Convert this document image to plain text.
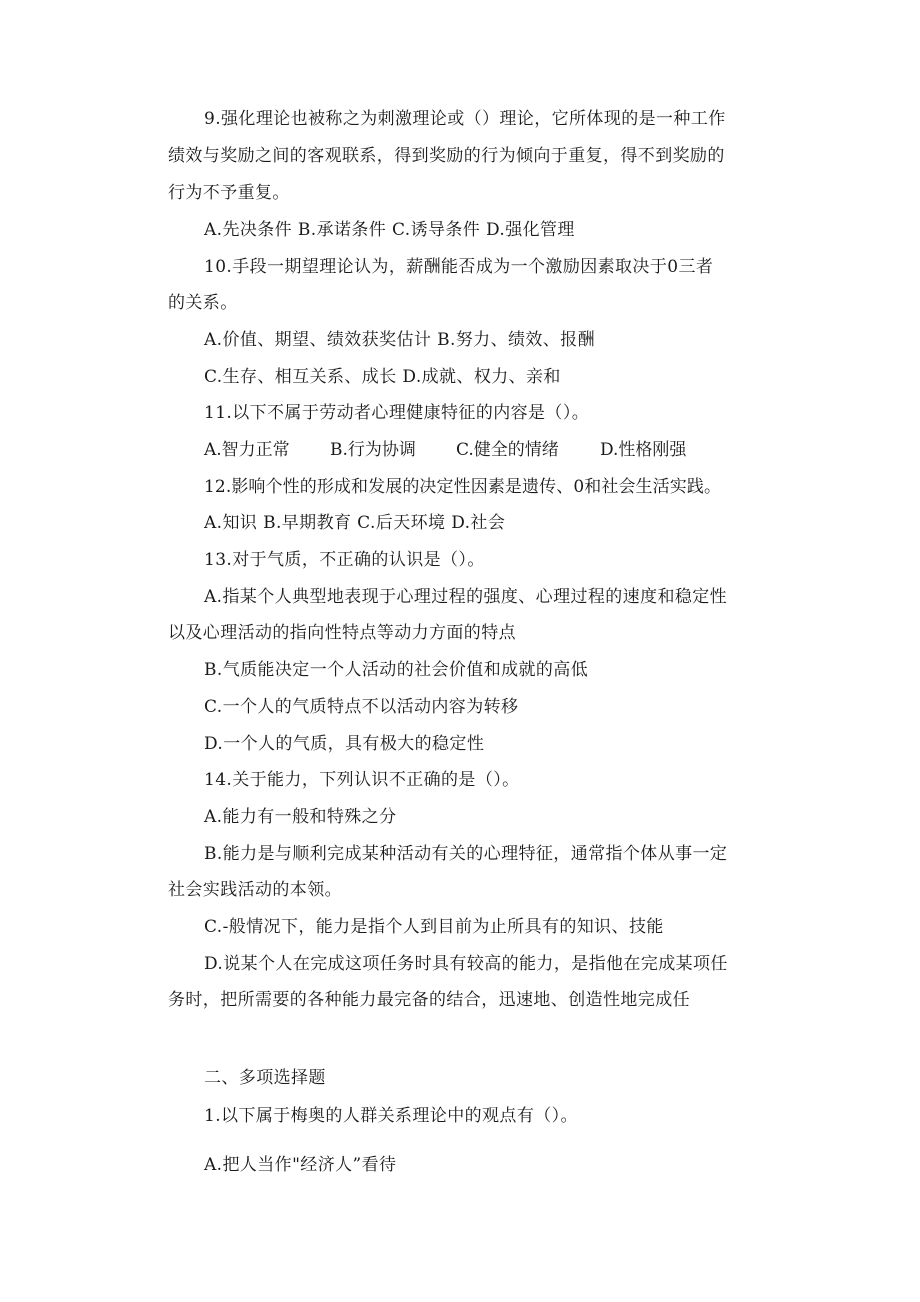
9.强化理论也被称之为刺激理论或（）理论，它所体现的是一种工作
绩效与奖励之间的客观联系，得到奖励的行为倾向于重复，得不到奖励的
行为不予重复。
A.先决条件 B.承诺条件 C.诱导条件 D.强化管理
10.手段一期望理论认为，薪酬能否成为一个激励因素取决于0三者
的关系。
A.价值、期望、绩效获奖估计 B.努力、绩效、报酬
C.生存、相互关系、成长 D.成就、权力、亲和
11.以下不属于劳动者心理健康特征的内容是（）。
A.智力正常 B.行为协调 C.健全的情绪 D.性格刚强
12.影响个性的形成和发展的决定性因素是遗传、0和社会生活实践。
A.知识 B.早期教育 C.后天环境 D.社会
13.对于气质，不正确的认识是（）。
A.指某个人典型地表现于心理过程的强度、心理过程的速度和稳定性
以及心理活动的指向性特点等动力方面的特点
B.气质能决定一个人活动的社会价值和成就的高低
C.一个人的气质特点不以活动内容为转移
D.一个人的气质，具有极大的稳定性
14.关于能力，下列认识不正确的是（）。
A.能力有一般和特殊之分
B.能力是与顺利完成某种活动有关的心理特征，通常指个体从事一定
社会实践活动的本领。
C.-般情况下，能力是指个人到目前为止所具有的知识、技能
D.说某个人在完成这项任务时具有较高的能力，是指他在完成某项任
务时，把所需要的各种能力最完备的结合，迅速地、创造性地完成任
二、多项选择题
1.以下属于梅奥的人群关系理论中的观点有（）。
A.把人当作"经济人”看待
